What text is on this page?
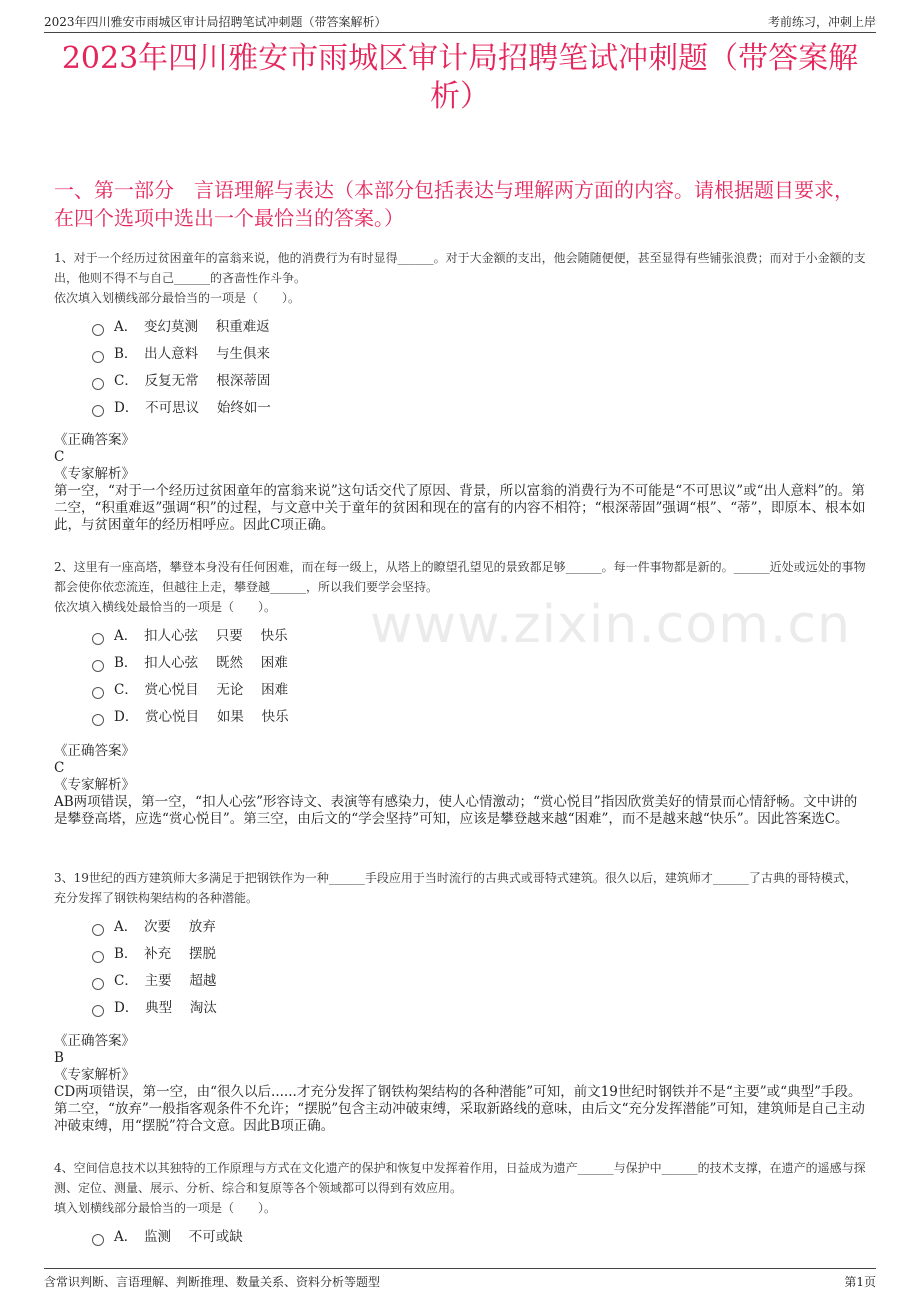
2023年四川雅安市雨城区审计局招聘笔试冲刺题（带答案解析）	考前练习，冲刺上岸
2023年四川雅安市雨城区审计局招聘笔试冲刺题（带答案解析）
一、第一部分　言语理解与表达（本部分包括表达与理解两方面的内容。请根据题目要求，在四个选项中选出一个最恰当的答案。）
www.zixin.com.cn
1、对于一个经历过贫困童年的富翁来说，他的消费行为有时显得______。对于大金额的支出，他会随随便便，甚至显得有些铺张浪费；而对于小金额的支出，他则不得不与自己______的吝啬性作斗争。
依次填入划横线部分最恰当的一项是（　　）。
A．　变幻莫测　 积重难返
B．　出人意料　 与生俱来
C．　反复无常　 根深蒂固
D．　不可思议　 始终如一
《正确答案》
C
《专家解析》
第一空，“对于一个经历过贫困童年的富翁来说”这句话交代了原因、背景，所以富翁的消费行为不可能是“不可思议”或“出人意料”的。第二空，“积重难返”强调“积”的过程，与文意中关于童年的贫困和现在的富有的内容不相符；“根深蒂固”强调“根”、“蒂”，即原本、根本如此，与贫困童年的经历相呼应。因此C项正确。
2、这里有一座高塔，攀登本身没有任何困难，而在每一级上，从塔上的瞭望孔望见的景致都足够______。每一件事物都是新的。______近处或远处的事物都会使你依恋流连，但越往上走，攀登越______，所以我们要学会坚持。
依次填入横线处最恰当的一项是（　　）。
A．　扣人心弦　 只要　 快乐
B．　扣人心弦　 既然　 困难
C．　赏心悦目　 无论　 困难
D．　赏心悦目　 如果　 快乐
《正确答案》
C
《专家解析》
AB两项错误，第一空，“扣人心弦”形容诗文、表演等有感染力，使人心情激动；“赏心悦目”指因欣赏美好的情景而心情舒畅。文中讲的是攀登高塔，应选“赏心悦目”。第三空，由后文的“学会坚持”可知，应该是攀登越来越“困难”，而不是越来越“快乐”。因此答案选C。
3、19世纪的西方建筑师大多满足于把钢铁作为一种______手段应用于当时流行的古典式或哥特式建筑。很久以后，建筑师才______了古典的哥特模式，充分发挥了钢铁构架结构的各种潜能。
A．　次要　 放弃
B．　补充　 摆脱
C．　主要　 超越
D．　典型　 淘汰
《正确答案》
B
《专家解析》
CD两项错误，第一空，由“很久以后......才充分发挥了钢铁构架结构的各种潜能”可知，前文19世纪时钢铁并不是“主要”或“典型”手段。第二空，“放弃”一般指客观条件不允许；“摆脱”包含主动冲破束缚，采取新路线的意味，由后文“充分发挥潜能”可知，建筑师是自己主动冲破束缚，用“摆脱”符合文意。因此B项正确。
4、空间信息技术以其独特的工作原理与方式在文化遗产的保护和恢复中发挥着作用，日益成为遗产______与保护中______的技术支撑，在遗产的遥感与探测、定位、测量、展示、分析、综合和复原等各个领域都可以得到有效应用。
填入划横线部分最恰当的一项是（　　）。
A．　监测　 不可或缺
含常识判断、言语理解、判断推理、数量关系、资料分析等题型	第1页
